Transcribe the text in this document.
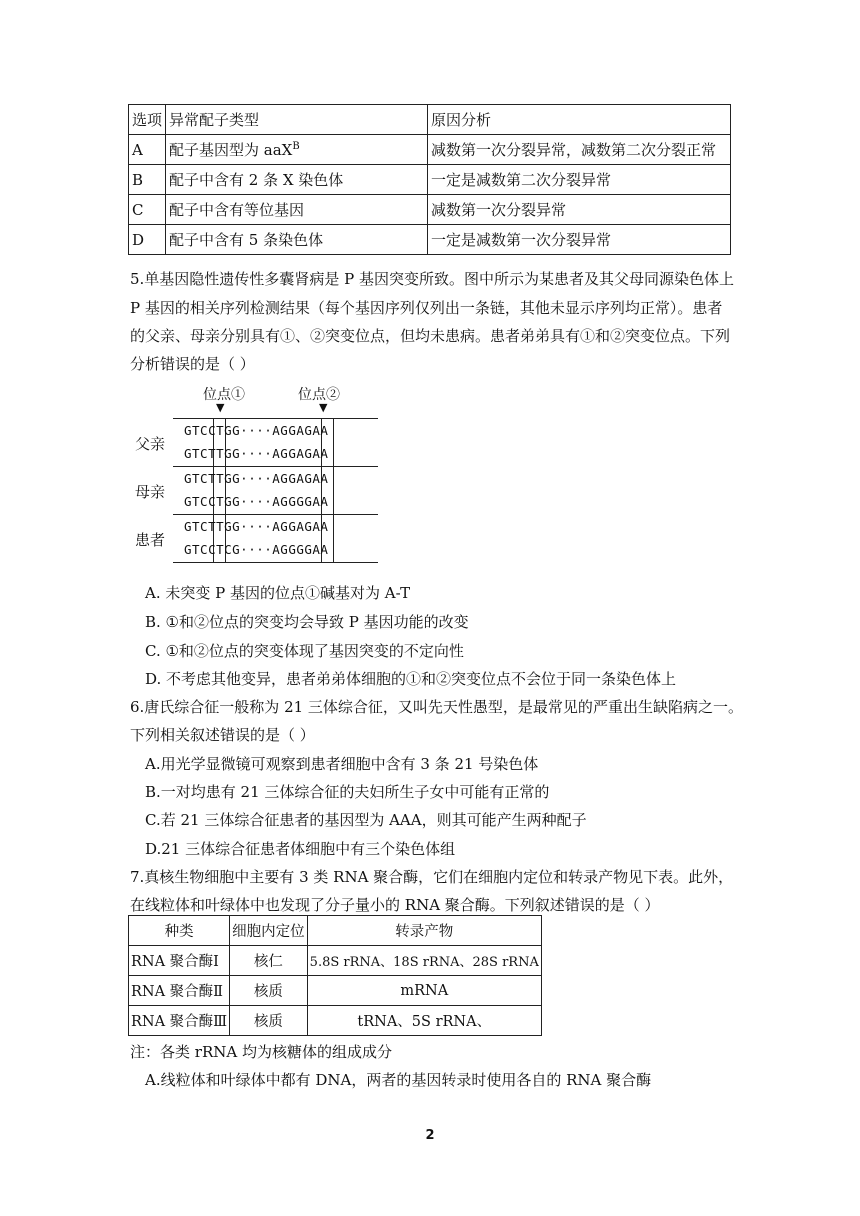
选项	异常配子类型	原因分析
A	配子基因型为 aaX$^B$	减数第一次分裂异常，减数第二次分裂正常
B	配子中含有 2 条 X 染色体	一定是减数第二次分裂异常
C	配子中含有等位基因	减数第一次分裂异常
D	配子中含有 5 条染色体	一定是减数第一次分裂异常
5.单基因隐性遗传性多囊肾病是 P 基因突变所致。图中所示为某患者及其父母同源染色体上
P 基因的相关序列检测结果（每个基因序列仅列出一条链，其他未显示序列均正常）。患者
的父亲、母亲分别具有①、②突变位点，但均未患病。患者弟弟具有①和②突变位点。下列
分析错误的是（ ）
位点①
▼
位点②
▼
父亲
母亲
患者
GTCCTGG····AGGAGAA
GTCTTGG····AGGAGAA
GTCTTGG····AGGAGAA
GTCCTGG····AGGGGAA
GTCTTGG····AGGAGAA
GTCCTCG····AGGGGAA
A. 未突变 P 基因的位点①碱基对为 A-T
B. ①和②位点的突变均会导致 P 基因功能的改变
C. ①和②位点的突变体现了基因突变的不定向性
D. 不考虑其他变异，患者弟弟体细胞的①和②突变位点不会位于同一条染色体上
6.唐氏综合征一般称为 21 三体综合征，又叫先天性愚型，是最常见的严重出生缺陷病之一。
下列相关叙述错误的是（ ）
A.用光学显微镜可观察到患者细胞中含有 3 条 21 号染色体
B.一对均患有 21 三体综合征的夫妇所生子女中可能有正常的
C.若 21 三体综合征患者的基因型为 AAA，则其可能产生两种配子
D.21 三体综合征患者体细胞中有三个染色体组
7.真核生物细胞中主要有 3 类 RNA 聚合酶，它们在细胞内定位和转录产物见下表。此外，
在线粒体和叶绿体中也发现了分子量小的 RNA 聚合酶。下列叙述错误的是（ ）
种类	细胞内定位	转录产物
RNA 聚合酶Ⅰ	核仁	5.8S rRNA、18S rRNA、28S rRNA
RNA 聚合酶Ⅱ	核质	mRNA
RNA 聚合酶Ⅲ	核质	tRNA、5S rRNA、
注：各类 rRNA 均为核糖体的组成成分
A.线粒体和叶绿体中都有 DNA，两者的基因转录时使用各自的 RNA 聚合酶
2
